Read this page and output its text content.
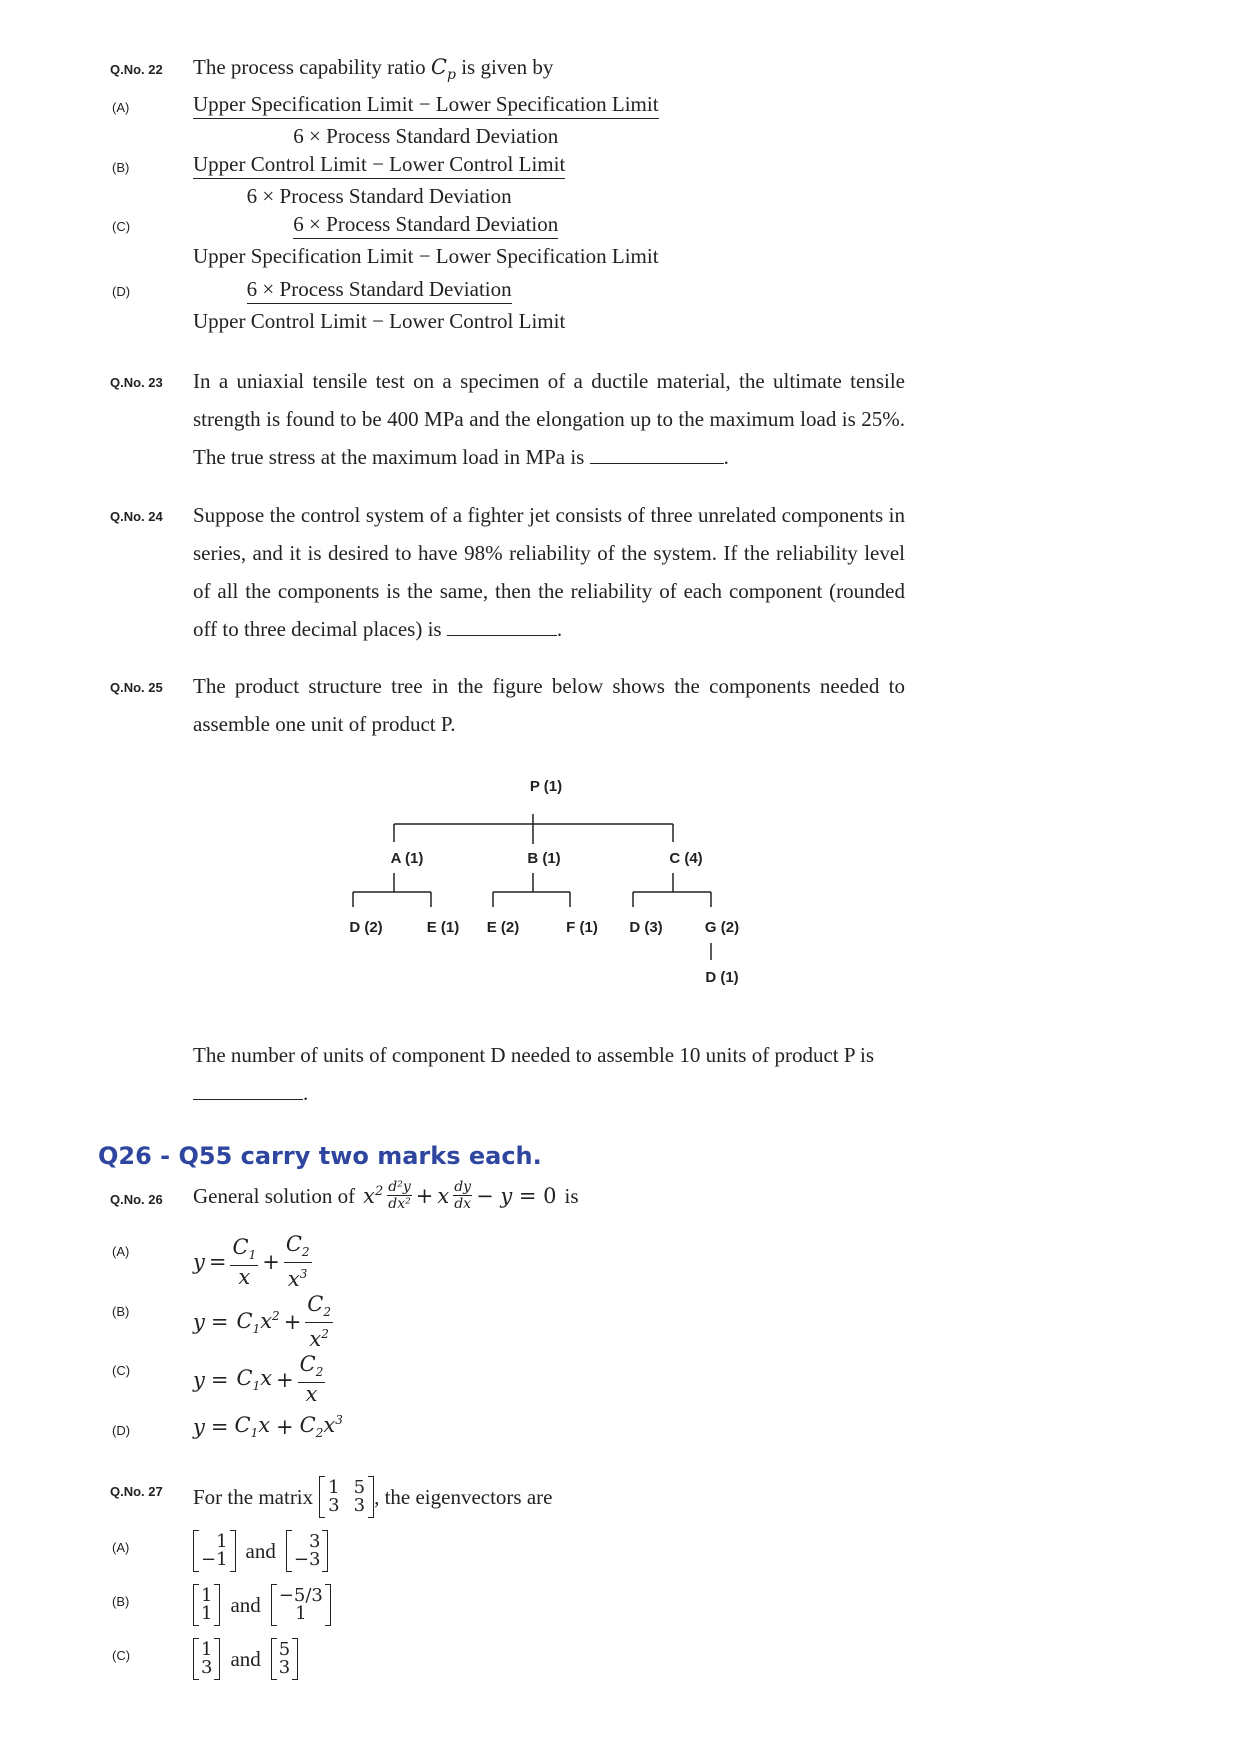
Q.No. 22 The process capability ratio $C_p$ is given by
(A)	Upper Specification Limit − Lower Specification Limit
6 × Process Standard Deviation
(B)	Upper Control Limit − Lower Control Limit
6 × Process Standard Deviation
(C)	6 × Process Standard Deviation
Upper Specification Limit − Lower Specification Limit
(D)	6 × Process Standard Deviation
Upper Control Limit − Lower Control Limit
Q.No. 23 In a uniaxial tensile test on a specimen of a ductile material, the ultimate tensile strength is found to be 400 MPa and the elongation up to the maximum load is 25%. The true stress at the maximum load in MPa is	.
Q.No. 24 Suppose the control system of a fighter jet consists of three unrelated components in series, and it is desired to have 98% reliability of the system. If the reliability level of all the components is the same, then the reliability of each component (rounded off to three decimal places) is	.
Q.No. 25 The product structure tree in the figure below shows the components needed to assemble one unit of product P.
P (1)
A (1)	B (1)	C (4)
D (2)	E (1) E (2)	F (1) D (3)	G (2)
D (1)
The number of units of component D needed to assemble 10 units of product P is
.
Q26 - Q55 carry two marks each.
Q.No. 26 General solution of $x^2 \frac{\text{d²y}}{\text{dx²}} + x \frac{dy}{dx} - y = 0$ is
(A)	$y = \frac{C_1}{x} + \frac{C_2}{x^3}$
(B)	$y = C_1x^2 + \frac{C_2}{x^2}$
(C)	$y = C_1x + \frac{C_2}{x}$
(D)	$y = C_1x + C_2x^3$
Q.No. 27 For the matrix 1 5
3 3 , the eigenvectors are
(A)	1
−1 and 3
−3
(B)	1
1 and −5/3
1
(C)	1
3 and 5
3
